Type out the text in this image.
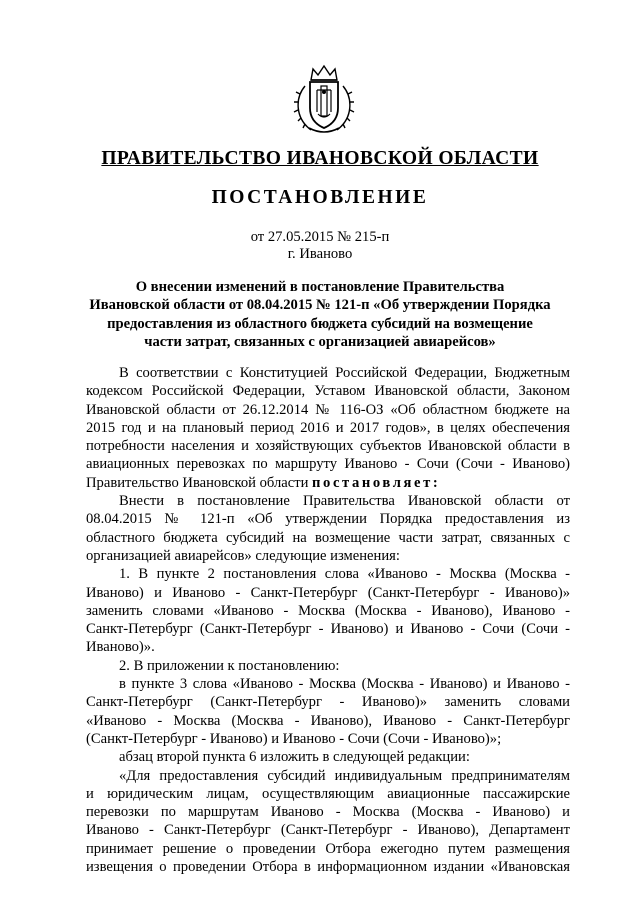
ПРАВИТЕЛЬСТВО ИВАНОВСКОЙ ОБЛАСТИ
ПОСТАНОВЛЕНИЕ
от 27.05.2015 № 215-п
г. Иваново
О внесении изменений в постановление Правительства
Ивановской области от 08.04.2015 № 121-п «Об утверждении Порядка
предоставления из областного бюджета субсидий на возмещение
части затрат, связанных с организацией авиарейсов»
В соответствии с Конституцией Российской Федерации, Бюджетным
кодексом Российской Федерации, Уставом Ивановской области, Законом
Ивановской области от 26.12.2014 № 116-ОЗ «Об областном бюджете на
2015 год и на плановый период 2016 и 2017 годов», в целях обеспечения
потребности населения и хозяйствующих субъектов Ивановской области в
авиационных перевозках по маршруту Иваново - Сочи (Сочи - Иваново)
Правительство Ивановской области постановляет:
Внести в постановление Правительства Ивановской области от
08.04.2015 № 121-п «Об утверждении Порядка предоставления из
областного бюджета субсидий на возмещение части затрат, связанных с
организацией авиарейсов» следующие изменения:
1. В пункте 2 постановления слова «Иваново - Москва (Москва -
Иваново) и Иваново - Санкт-Петербург (Санкт-Петербург - Иваново)»
заменить словами «Иваново - Москва (Москва - Иваново), Иваново -
Санкт-Петербург (Санкт-Петербург - Иваново) и Иваново - Сочи (Сочи -
Иваново)».
2. В приложении к постановлению:
в пункте 3 слова «Иваново - Москва (Москва - Иваново) и Иваново -
Санкт-Петербург (Санкт-Петербург - Иваново)» заменить словами
«Иваново - Москва (Москва - Иваново), Иваново - Санкт-Петербург
(Санкт-Петербург - Иваново) и Иваново - Сочи (Сочи - Иваново)»;
абзац второй пункта 6 изложить в следующей редакции:
«Для предоставления субсидий индивидуальным предпринимателям
и юридическим лицам, осуществляющим авиационные пассажирские
перевозки по маршрутам Иваново - Москва (Москва - Иваново) и
Иваново - Санкт-Петербург (Санкт-Петербург - Иваново), Департамент
принимает решение о проведении Отбора ежегодно путем размещения
извещения о проведении Отбора в информационном издании «Ивановская
